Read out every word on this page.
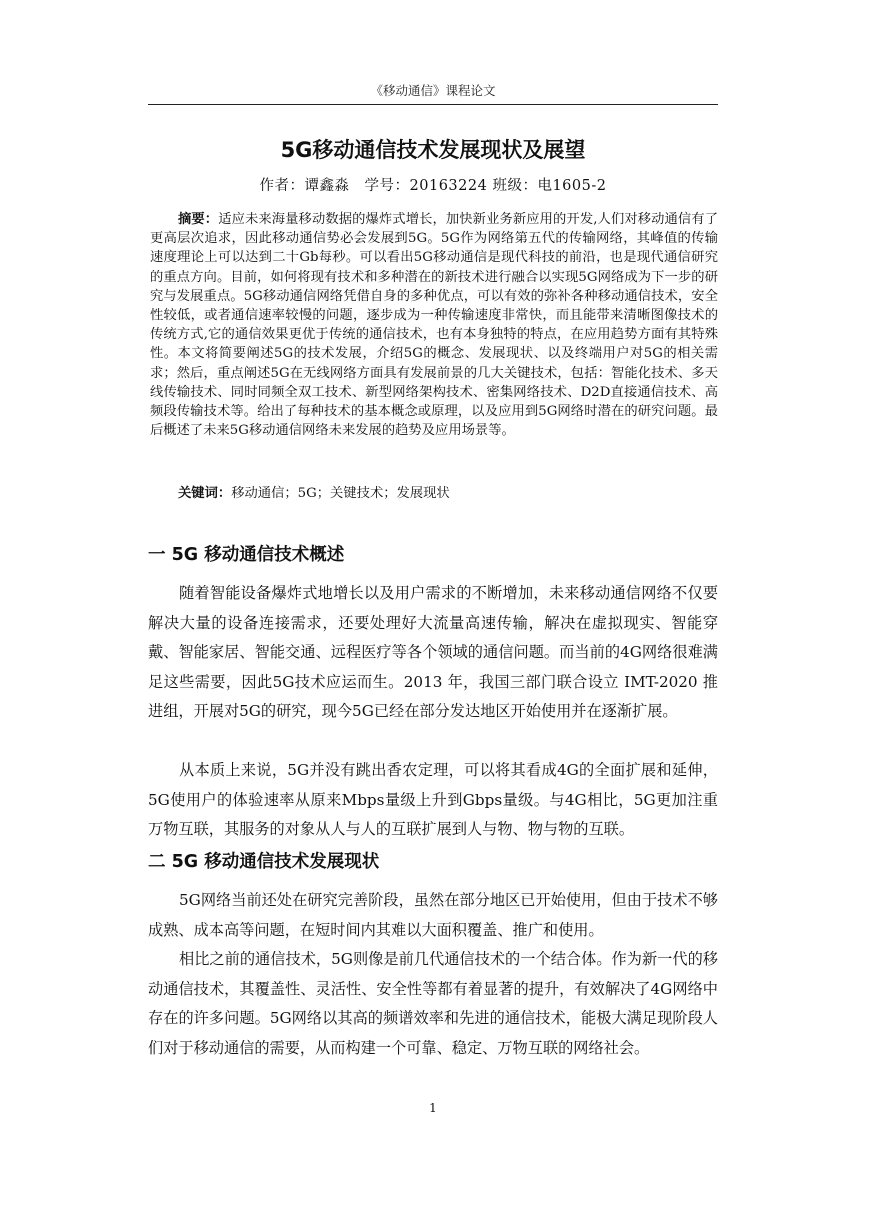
《移动通信》课程论文
5G移动通信技术发展现状及展望
作者：谭鑫淼　学号：20163224 班级：电1605-2

摘要：适应未来海量移动数据的爆炸式增长，加快新业务新应用的开发,人们对移动通信有了更高层次追求，因此移动通信势必会发展到5G。5G作为网络第五代的传输网络，其峰值的传输速度理论上可以达到二十Gb每秒。可以看出5G移动通信是现代科技的前沿，也是现代通信研究的重点方向。目前，如何将现有技术和多种潜在的新技术进行融合以实现5G网络成为下一步的研究与发展重点。5G移动通信网络凭借自身的多种优点，可以有效的弥补各种移动通信技术，安全性较低，或者通信速率较慢的问题，逐步成为一种传输速度非常快，而且能带来清晰图像技术的传统方式,它的通信效果更优于传统的通信技术，也有本身独特的特点，在应用趋势方面有其特殊性。本文将简要阐述5G的技术发展，介绍5G的概念、发展现状、以及终端用户对5G的相关需求；然后，重点阐述5G在无线网络方面具有发展前景的几大关键技术，包括：智能化技术、多天线传输技术、同时同频全双工技术、新型网络架构技术、密集网络技术、D2D直接通信技术、高频段传输技术等。给出了每种技术的基本概念或原理，以及应用到5G网络时潜在的研究问题。最后概述了未来5G移动通信网络未来发展的趋势及应用场景等。

关键词：移动通信；5G；关键技术；发展现状

一 5G 移动通信技术概述

随着智能设备爆炸式地增长以及用户需求的不断增加，未来移动通信网络不仅要解决大量的设备连接需求，还要处理好大流量高速传输，解决在虚拟现实、智能穿戴、智能家居、智能交通、远程医疗等各个领域的通信问题。而当前的4G网络很难满足这些需要，因此5G技术应运而生。2013 年，我国三部门联合设立 IMT-2020 推进组，开展对5G的研究，现今5G已经在部分发达地区开始使用并在逐渐扩展。

从本质上来说，5G并没有跳出香农定理，可以将其看成4G的全面扩展和延伸，5G使用户的体验速率从原来Mbps量级上升到Gbps量级。与4G相比，5G更加注重万物互联，其服务的对象从人与人的互联扩展到人与物、物与物的互联。

二 5G 移动通信技术发展现状

5G网络当前还处在研究完善阶段，虽然在部分地区已开始使用，但由于技术不够成熟、成本高等问题，在短时间内其难以大面积覆盖、推广和使用。

相比之前的通信技术，5G则像是前几代通信技术的一个结合体。作为新一代的移动通信技术，其覆盖性、灵活性、安全性等都有着显著的提升，有效解决了4G网络中存在的许多问题。5G网络以其高的频谱效率和先进的通信技术，能极大满足现阶段人们对于移动通信的需要，从而构建一个可靠、稳定、万物互联的网络社会。

1
